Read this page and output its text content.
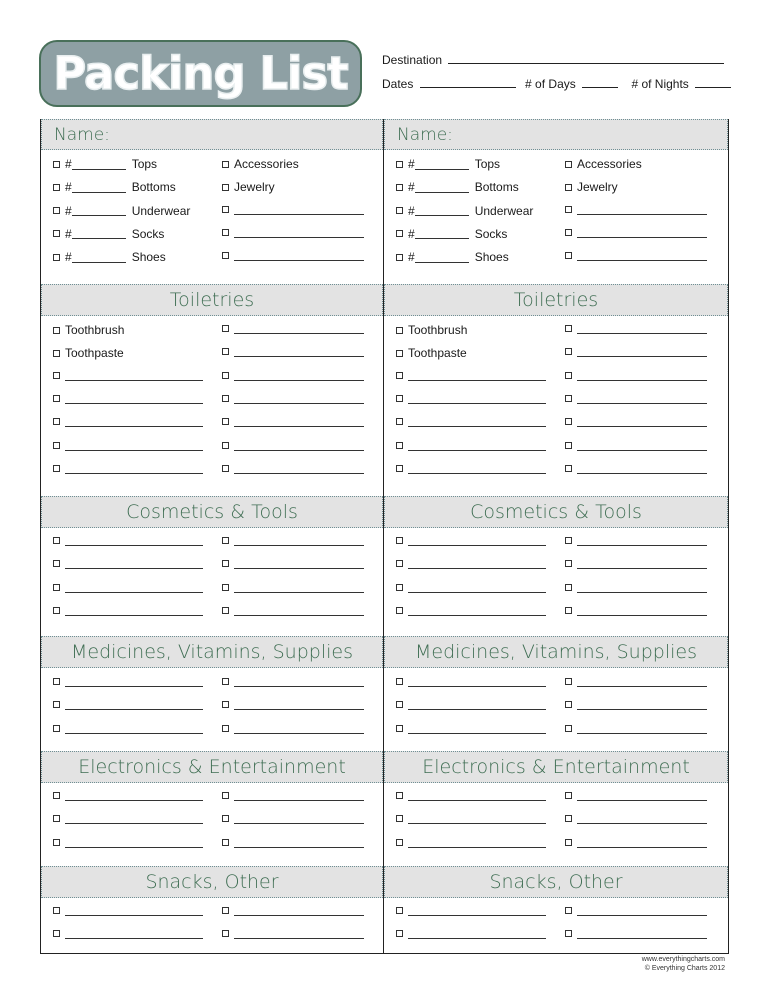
Packing List	Destination
Dates	# of Days	# of Nights
Name:
#	Tops	Accessories
#	Bottoms	Jewelry
#	Underwear
#	Socks
#	Shoes
Toiletries
Toothbrush
Toothpaste
Cosmetics & Tools
Medicines, Vitamins, Supplies
Electronics & Entertainment
Snacks, Other
Name:
#	Tops	Accessories
#	Bottoms	Jewelry
#	Underwear
#	Socks
#	Shoes
Toiletries
Toothbrush
Toothpaste
Cosmetics & Tools
Medicines, Vitamins, Supplies
Electronics & Entertainment
Snacks, Other
www.everythingcharts.com
© Everything Charts 2012
